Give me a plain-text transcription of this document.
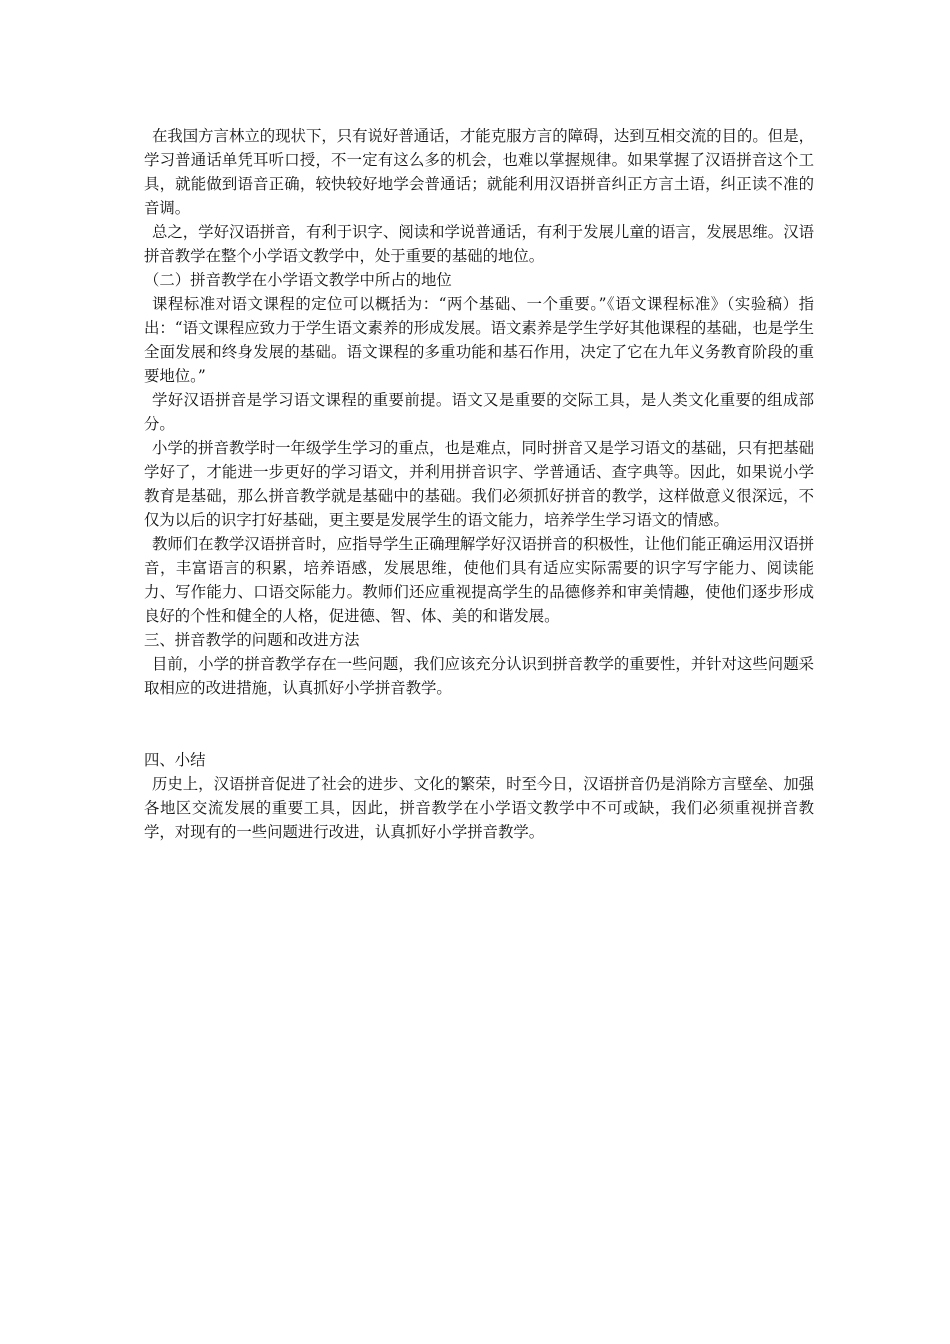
在我国方言林立的现状下，只有说好普通话，才能克服方言的障碍，达到互相交流的目的。但是，学习普通话单凭耳听口授，不一定有这么多的机会，也难以掌握规律。如果掌握了汉语拼音这个工具，就能做到语音正确，较快较好地学会普通话；就能利用汉语拼音纠正方言土语，纠正读不准的音调。

总之，学好汉语拼音，有利于识字、阅读和学说普通话，有利于发展儿童的语言，发展思维。汉语拼音教学在整个小学语文教学中，处于重要的基础的地位。

（二）拼音教学在小学语文教学中所占的地位

课程标准对语文课程的定位可以概括为：“两个基础、一个重要。”《语文课程标准》（实验稿）指出：“语文课程应致力于学生语文素养的形成发展。语文素养是学生学好其他课程的基础，也是学生全面发展和终身发展的基础。语文课程的多重功能和基石作用，决定了它在九年义务教育阶段的重要地位。”

学好汉语拼音是学习语文课程的重要前提。语文又是重要的交际工具，是人类文化重要的组成部分。

小学的拼音教学时一年级学生学习的重点，也是难点，同时拼音又是学习语文的基础，只有把基础学好了，才能进一步更好的学习语文，并利用拼音识字、学普通话、查字典等。因此，如果说小学教育是基础，那么拼音教学就是基础中的基础。我们必须抓好拼音的教学，这样做意义很深远，不仅为以后的识字打好基础，更主要是发展学生的语文能力，培养学生学习语文的情感。

教师们在教学汉语拼音时，应指导学生正确理解学好汉语拼音的积极性，让他们能正确运用汉语拼音，丰富语言的积累，培养语感，发展思维，使他们具有适应实际需要的识字写字能力、阅读能力、写作能力、口语交际能力。教师们还应重视提高学生的品德修养和审美情趣，使他们逐步形成良好的个性和健全的人格，促进德、智、体、美的和谐发展。

三、拼音教学的问题和改进方法

目前，小学的拼音教学存在一些问题，我们应该充分认识到拼音教学的重要性，并针对这些问题采取相应的改进措施，认真抓好小学拼音教学。

四、小结

历史上，汉语拼音促进了社会的进步、文化的繁荣，时至今日，汉语拼音仍是消除方言壁垒、加强各地区交流发展的重要工具，因此，拼音教学在小学语文教学中不可或缺，我们必须重视拼音教学，对现有的一些问题进行改进，认真抓好小学拼音教学。
